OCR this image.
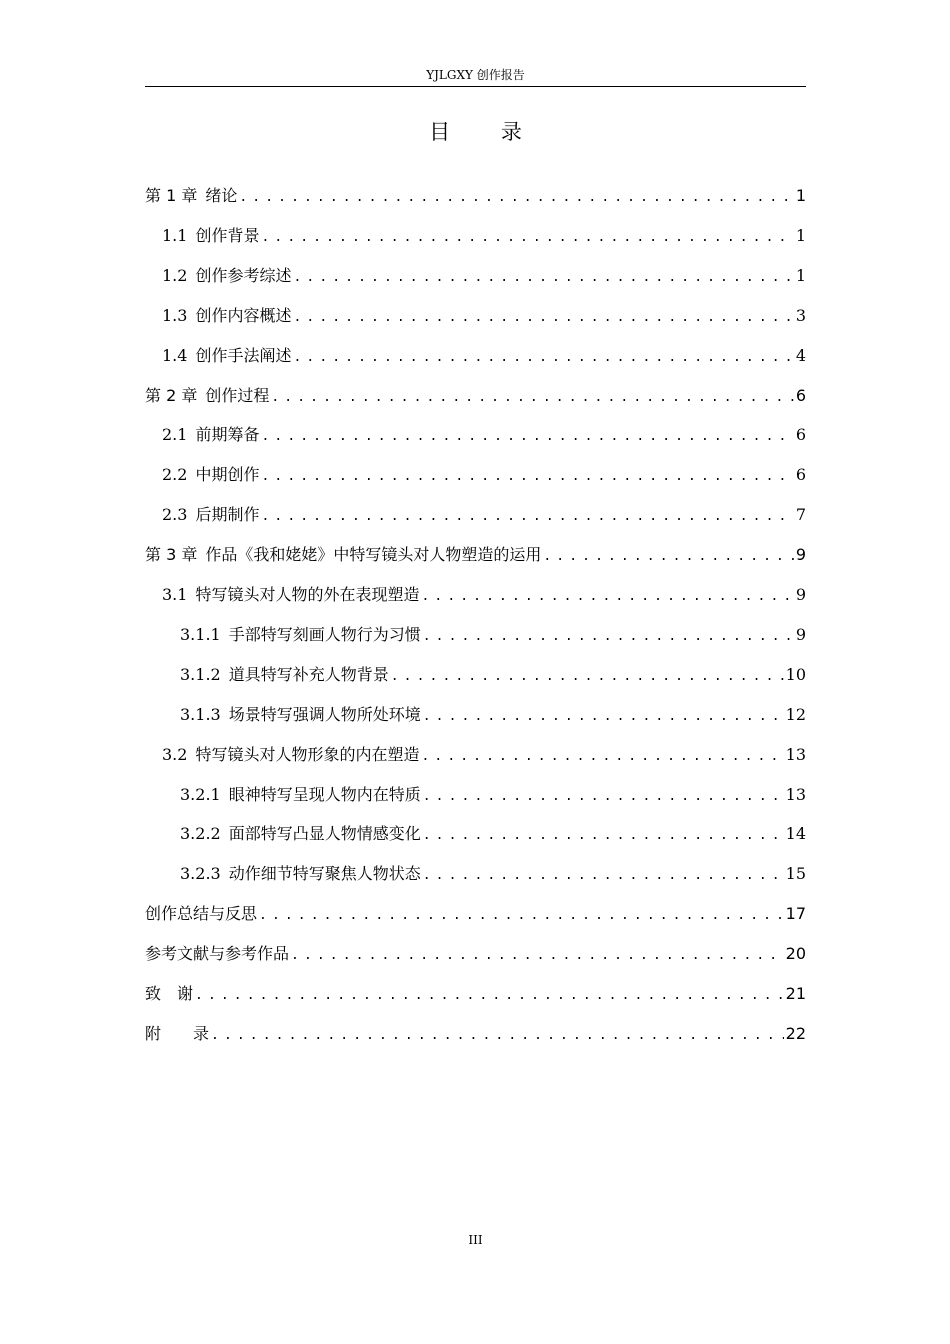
YJLGXY 创作报告
目 录
第 1 章 绪论 .....	1
1.1 创作背景 .....	1
1.2 创作参考综述 .....	1
1.3 创作内容概述 .....	3
1.4 创作手法阐述 .....	4
第 2 章 创作过程 .....	6
2.1 前期筹备 .....	6
2.2 中期创作 .....	6
2.3 后期制作 .....	7
第 3 章 作品《我和姥姥》中特写镜头对人物塑造的运用 .....	9
3.1 特写镜头对人物的外在表现塑造 .....	9
3.1.1 手部特写刻画人物行为习惯 .....	9
3.1.2 道具特写补充人物背景 .....	10
3.1.3 场景特写强调人物所处环境 .....	12
3.2 特写镜头对人物形象的内在塑造 .....	13
3.2.1 眼神特写呈现人物内在特质 .....	13
3.2.2 面部特写凸显人物情感变化 .....	14
3.2.3 动作细节特写聚焦人物状态 .....	15
创作总结与反思 .....	17
参考文献与参考作品 .....	20
致　谢 .....	21
附　　录 .....	22
III
